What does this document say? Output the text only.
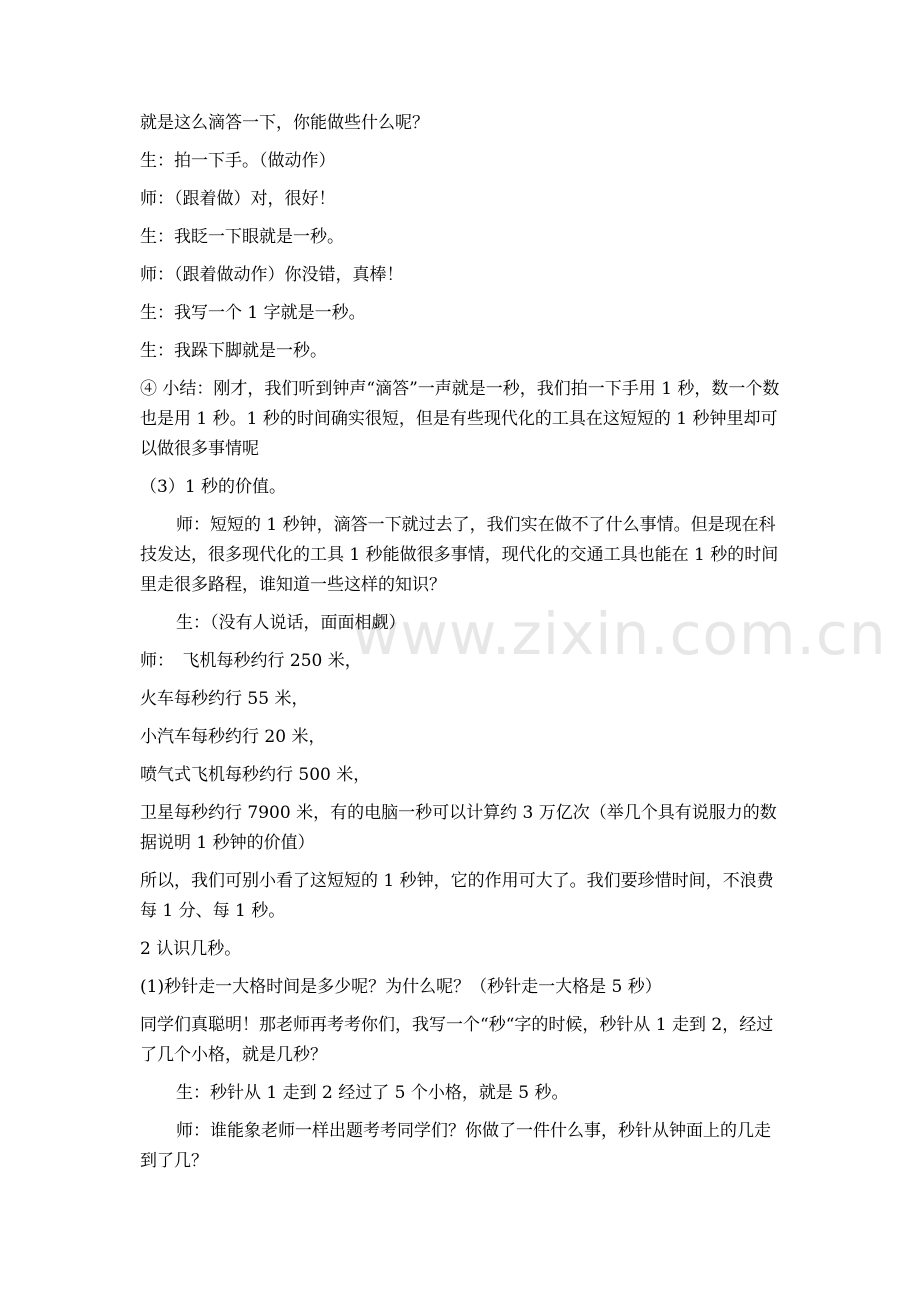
www.zixin.com.cn

就是这么滴答一下，你能做些什么呢？

生：拍一下手。（做动作）

师：（跟着做）对，很好！

生：我眨一下眼就是一秒。

师：（跟着做动作）你没错，真棒！

生：我写一个 1 字就是一秒。

生：我跺下脚就是一秒。

④ 小结：刚才，我们听到钟声“滴答”一声就是一秒，我们拍一下手用 1 秒，数一个数也是用 1 秒。1 秒的时间确实很短，但是有些现代化的工具在这短短的 1 秒钟里却可以做很多事情呢

（3）1 秒的价值。

师：短短的 1 秒钟，滴答一下就过去了，我们实在做不了什么事情。但是现在科技发达，很多现代化的工具 1 秒能做很多事情，现代化的交通工具也能在 1 秒的时间里走很多路程，谁知道一些这样的知识？

生：（没有人说话，面面相觑）

师：　飞机每秒约行 250 米，

火车每秒约行 55 米，

小汽车每秒约行 20 米，

喷气式飞机每秒约行 500 米，

卫星每秒约行 7900 米，有的电脑一秒可以计算约 3 万亿次（举几个具有说服力的数据说明 1 秒钟的价值）

所以，我们可别小看了这短短的 1 秒钟，它的作用可大了。我们要珍惜时间，不浪费每 1 分、每 1 秒。

2 认识几秒。

(1)秒针走一大格时间是多少呢？为什么呢？（秒针走一大格是 5 秒）

同学们真聪明！那老师再考考你们，我写一个“秒“字的时候，秒针从 1 走到 2，经过了几个小格，就是几秒？

生：秒针从 1 走到 2 经过了 5 个小格，就是 5 秒。

师：谁能象老师一样出题考考同学们？你做了一件什么事，秒针从钟面上的几走到了几？
